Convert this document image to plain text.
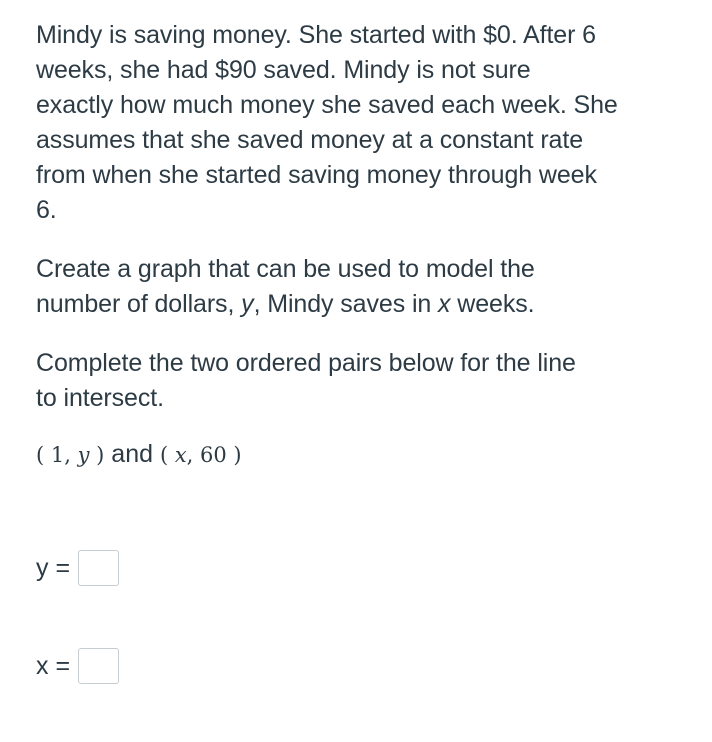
Mindy is saving money. She started with $0. After 6
weeks, she had $90 saved. Mindy is not sure
exactly how much money she saved each week. She
assumes that she saved money at a constant rate
from when she started saving money through week
6.
Create a graph that can be used to model the
number of dollars, y, Mindy saves in x weeks.
Complete the two ordered pairs below for the line
to intersect.
( 1, y ) and ( x, 60 )
y =
x =
